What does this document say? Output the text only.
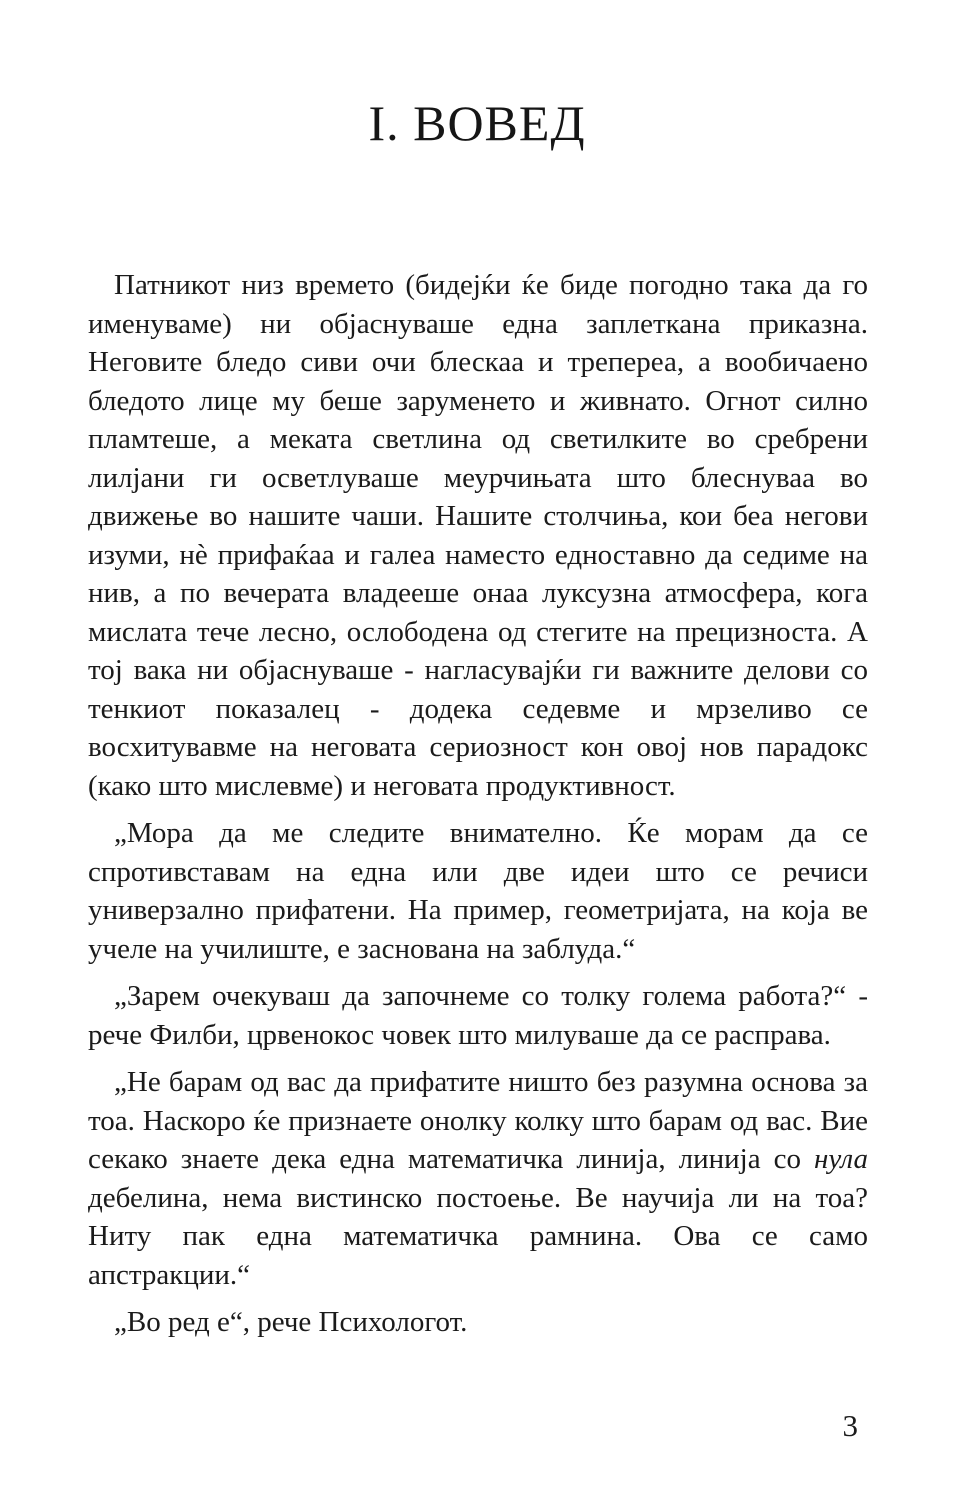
I. ВОВЕД

Патникот низ времето (бидејќи ќе биде погодно така да го именуваме) ни објаснуваше една заплеткана приказна. Неговите бледо сиви очи блескаа и трепереа, а вообичаено бледото лице му беше заруменето и живнато. Огнот силно пламтеше, а меката светлина од светилките во сребрени лилјани ги осветлуваше меурчињата што блеснуваа во движење во нашите чаши. Нашите столчиња, кои беа негови изуми, нѐ прифаќаа и галеа наместо едноставно да седиме на нив, а по вечерата владееше онаа луксузна атмосфера, кога мислата тече лесно, ослободена од стегите на прецизноста. А тој вака ни објаснуваше - нагласувајќи ги важните делови со тенкиот показалец - додека седевме и мрзеливо се восхитувавме на неговата сериозност кон овој нов парадокс (како што мислевме) и неговата продуктивност.

„Мора да ме следите внимателно. Ќе морам да се спротивставам на една или две идеи што се речиси универзално прифатени. На пример, геометријата, на која ве учеле на училиште, е заснована на заблуда.“

„Зарем очекуваш да започнеме со толку голема работа?“ - рече Филби, црвенокос човек што милуваше да се расправа.

„Не барам од вас да прифатите ништо без разумна основа за тоа. Наскоро ќе признаете онолку колку што барам од вас. Вие секако знаете дека една математичка линија, линија со нула дебелина, нема вистинско постоење. Ве научија ли на тоа? Ниту пак една математичка рамнина. Ова се само апстракции.“

„Во ред е“, рече Психологот.

3
